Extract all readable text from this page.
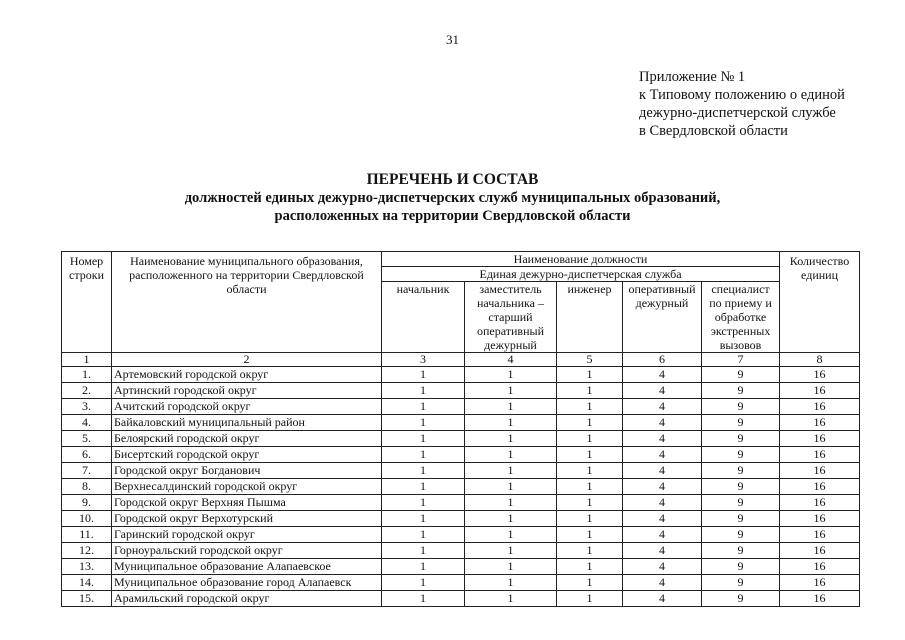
31
Приложение № 1
к Типовому положению о единой
дежурно-диспетчерской службе
в Свердловской области
ПЕРЕЧЕНЬ И СОСТАВ
должностей единых дежурно-диспетчерских служб муниципальных образований,
расположенных на территории Свердловской области
Номер строки	Наименование муниципального образования, расположенного на территории Свердловской области	Наименование должности					Количество единиц
		Единая дежурно-диспетчерская служба					
		начальник	заместитель начальника – старший оперативный дежурный	инженер	оперативный дежурный	специалист по приему и обработке экстренных вызовов	
1	2	3	4	5	6	7	8
1.	Артемовский городской округ	1	1	1	4	9	16
2.	Артинский городской округ	1	1	1	4	9	16
3.	Ачитский городской округ	1	1	1	4	9	16
4.	Байкаловский муниципальный район	1	1	1	4	9	16
5.	Белоярский городской округ	1	1	1	4	9	16
6.	Бисертский городской округ	1	1	1	4	9	16
7.	Городской округ Богданович	1	1	1	4	9	16
8.	Верхнесалдинский городской округ	1	1	1	4	9	16
9.	Городской округ Верхняя Пышма	1	1	1	4	9	16
10.	Городской округ Верхотурский	1	1	1	4	9	16
11.	Гаринский городской округ	1	1	1	4	9	16
12.	Горноуральский городской округ	1	1	1	4	9	16
13.	Муниципальное образование Алапаевское	1	1	1	4	9	16
14.	Муниципальное образование город Алапаевск	1	1	1	4	9	16
15.	Арамильский городской округ	1	1	1	4	9	16
